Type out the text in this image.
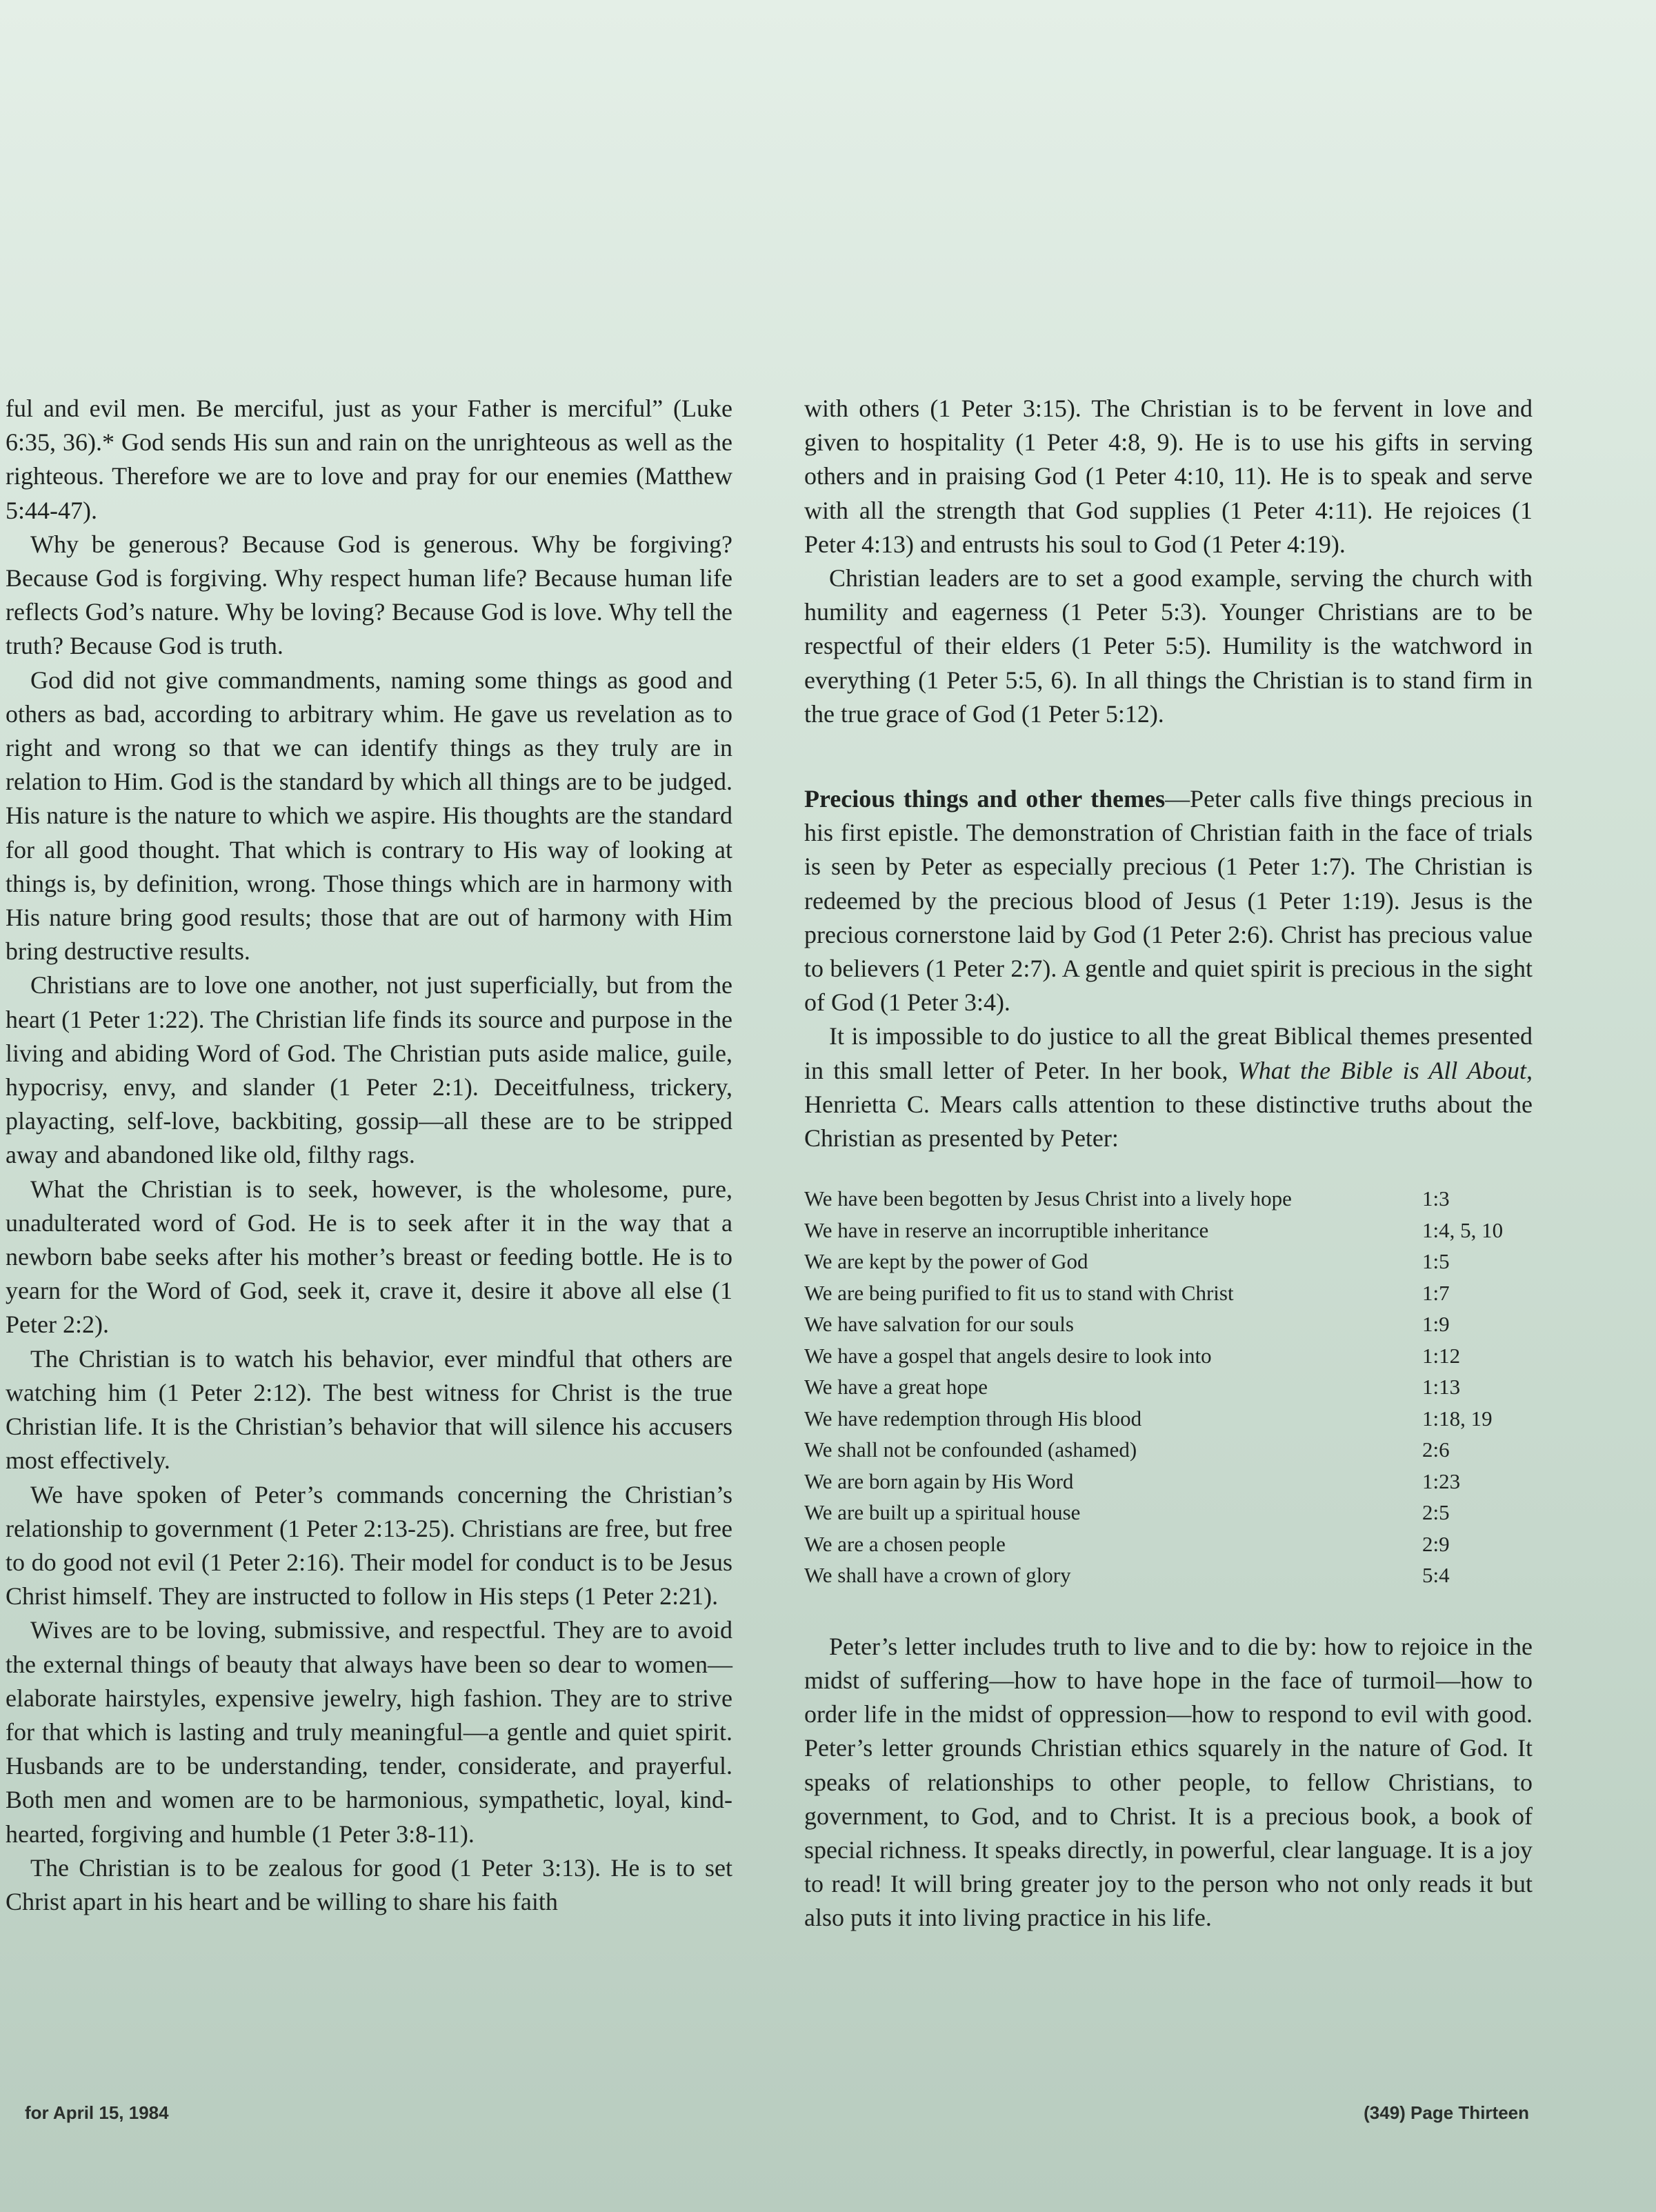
ful and evil men. Be merciful, just as your Father is merciful” (Luke 6:35, 36).* God sends His sun and rain on the unrighteous as well as the righteous. Therefore we are to love and pray for our enemies (Matthew 5:44-47).

Why be generous? Because God is generous. Why be forgiving? Because God is forgiving. Why respect human life? Because human life reflects God’s nature. Why be loving? Because God is love. Why tell the truth? Because God is truth.

God did not give commandments, naming some things as good and others as bad, according to arbitrary whim. He gave us revelation as to right and wrong so that we can identify things as they truly are in relation to Him. God is the standard by which all things are to be judged. His nature is the nature to which we aspire. His thoughts are the standard for all good thought. That which is contrary to His way of looking at things is, by definition, wrong. Those things which are in harmony with His nature bring good results; those that are out of harmony with Him bring destructive results.

Christians are to love one another, not just superficially, but from the heart (1 Peter 1:22). The Christian life finds its source and purpose in the living and abiding Word of God. The Christian puts aside malice, guile, hypocrisy, envy, and slander (1 Peter 2:1). Deceitfulness, trickery, playacting, self-love, backbiting, gossip—all these are to be stripped away and abandoned like old, filthy rags.

What the Christian is to seek, however, is the wholesome, pure, unadulterated word of God. He is to seek after it in the way that a newborn babe seeks after his mother’s breast or feeding bottle. He is to yearn for the Word of God, seek it, crave it, desire it above all else (1 Peter 2:2).

The Christian is to watch his behavior, ever mindful that others are watching him (1 Peter 2:12). The best witness for Christ is the true Christian life. It is the Christian’s behavior that will silence his accusers most effectively.

We have spoken of Peter’s commands concerning the Christian’s relationship to government (1 Peter 2:13-25). Christians are free, but free to do good not evil (1 Peter 2:16). Their model for conduct is to be Jesus Christ himself. They are instructed to follow in His steps (1 Peter 2:21).

Wives are to be loving, submissive, and respectful. They are to avoid the external things of beauty that always have been so dear to women—elaborate hairstyles, expensive jewelry, high fashion. They are to strive for that which is lasting and truly meaningful—a gentle and quiet spirit. Husbands are to be understanding, tender, considerate, and prayerful. Both men and women are to be harmonious, sympathetic, loyal, kind-hearted, forgiving and humble (1 Peter 3:8-11).

The Christian is to be zealous for good (1 Peter 3:13). He is to set Christ apart in his heart and be willing to share his faith

with others (1 Peter 3:15). The Christian is to be fervent in love and given to hospitality (1 Peter 4:8, 9). He is to use his gifts in serving others and in praising God (1 Peter 4:10, 11). He is to speak and serve with all the strength that God supplies (1 Peter 4:11). He rejoices (1 Peter 4:13) and entrusts his soul to God (1 Peter 4:19).

Christian leaders are to set a good example, serving the church with humility and eagerness (1 Peter 5:3). Younger Christians are to be respectful of their elders (1 Peter 5:5). Humility is the watchword in everything (1 Peter 5:5, 6). In all things the Christian is to stand firm in the true grace of God (1 Peter 5:12).

Precious things and other themes—Peter calls five things precious in his first epistle. The demonstration of Christian faith in the face of trials is seen by Peter as especially precious (1 Peter 1:7). The Christian is redeemed by the precious blood of Jesus (1 Peter 1:19). Jesus is the precious cornerstone laid by God (1 Peter 2:6). Christ has precious value to believers (1 Peter 2:7). A gentle and quiet spirit is precious in the sight of God (1 Peter 3:4).

It is impossible to do justice to all the great Biblical themes presented in this small letter of Peter. In her book, What the Bible is All About, Henrietta C. Mears calls attention to these distinctive truths about the Christian as presented by Peter:

We have been begotten by Jesus Christ into a lively hope	1:3
We have in reserve an incorruptible inheritance	1:4, 5, 10
We are kept by the power of God	1:5
We are being purified to fit us to stand with Christ	1:7
We have salvation for our souls	1:9
We have a gospel that angels desire to look into	1:12
We have a great hope	1:13
We have redemption through His blood	1:18, 19
We shall not be confounded (ashamed)	2:6
We are born again by His Word	1:23
We are built up a spiritual house	2:5
We are a chosen people	2:9
We shall have a crown of glory	5:4

Peter’s letter includes truth to live and to die by: how to rejoice in the midst of suffering—how to have hope in the face of turmoil—how to order life in the midst of oppression—how to respond to evil with good. Peter’s letter grounds Christian ethics squarely in the nature of God. It speaks of relationships to other people, to fellow Christians, to government, to God, and to Christ. It is a precious book, a book of special richness. It speaks directly, in powerful, clear language. It is a joy to read! It will bring greater joy to the person who not only reads it but also puts it into living practice in his life.

for April 15, 1984	(349) Page Thirteen
